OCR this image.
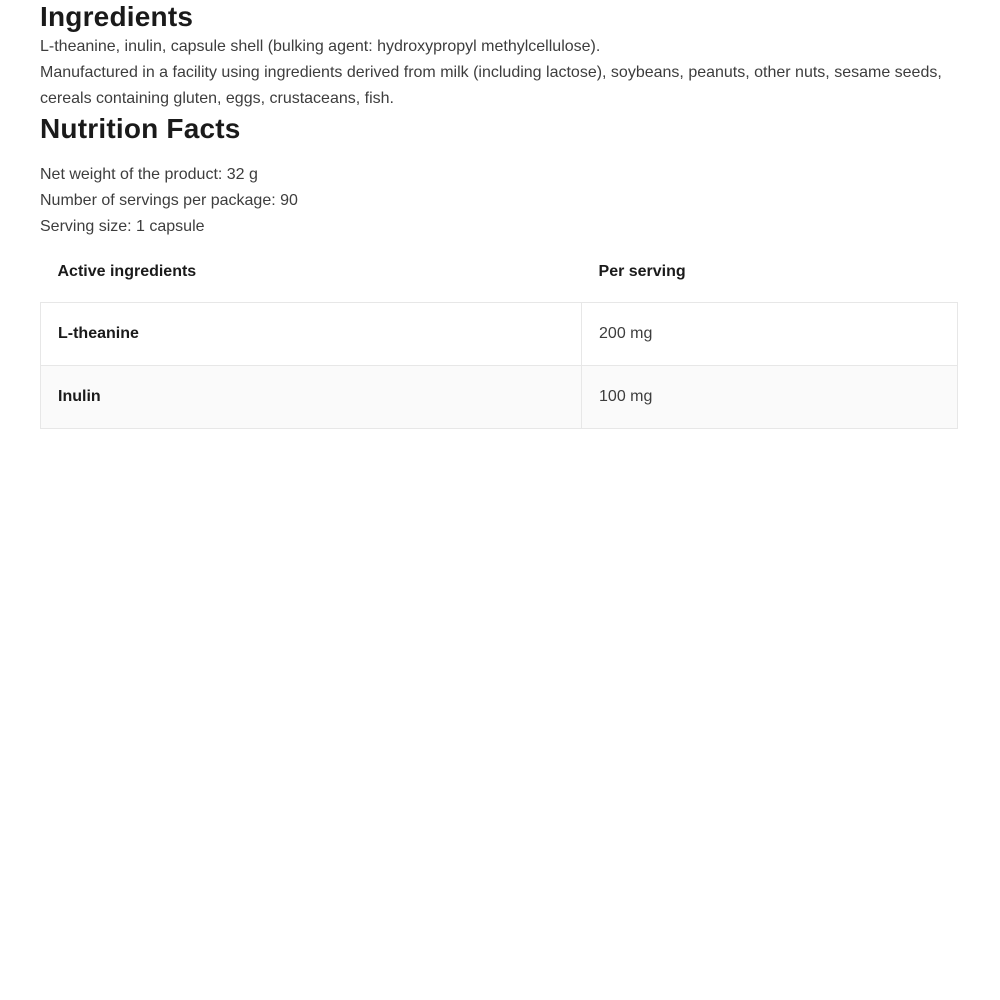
Ingredients

L-theanine, inulin, capsule shell (bulking agent: hydroxypropyl methylcellulose).

Manufactured in a facility using ingredients derived from milk (including lactose), soybeans, peanuts, other nuts, sesame seeds, cereals containing gluten, eggs, crustaceans, fish.

Nutrition Facts

Net weight of the product: 32 g

Number of servings per package: 90

Serving size: 1 capsule

Active ingredients	Per serving
L-theanine	200 mg
Inulin	100 mg
